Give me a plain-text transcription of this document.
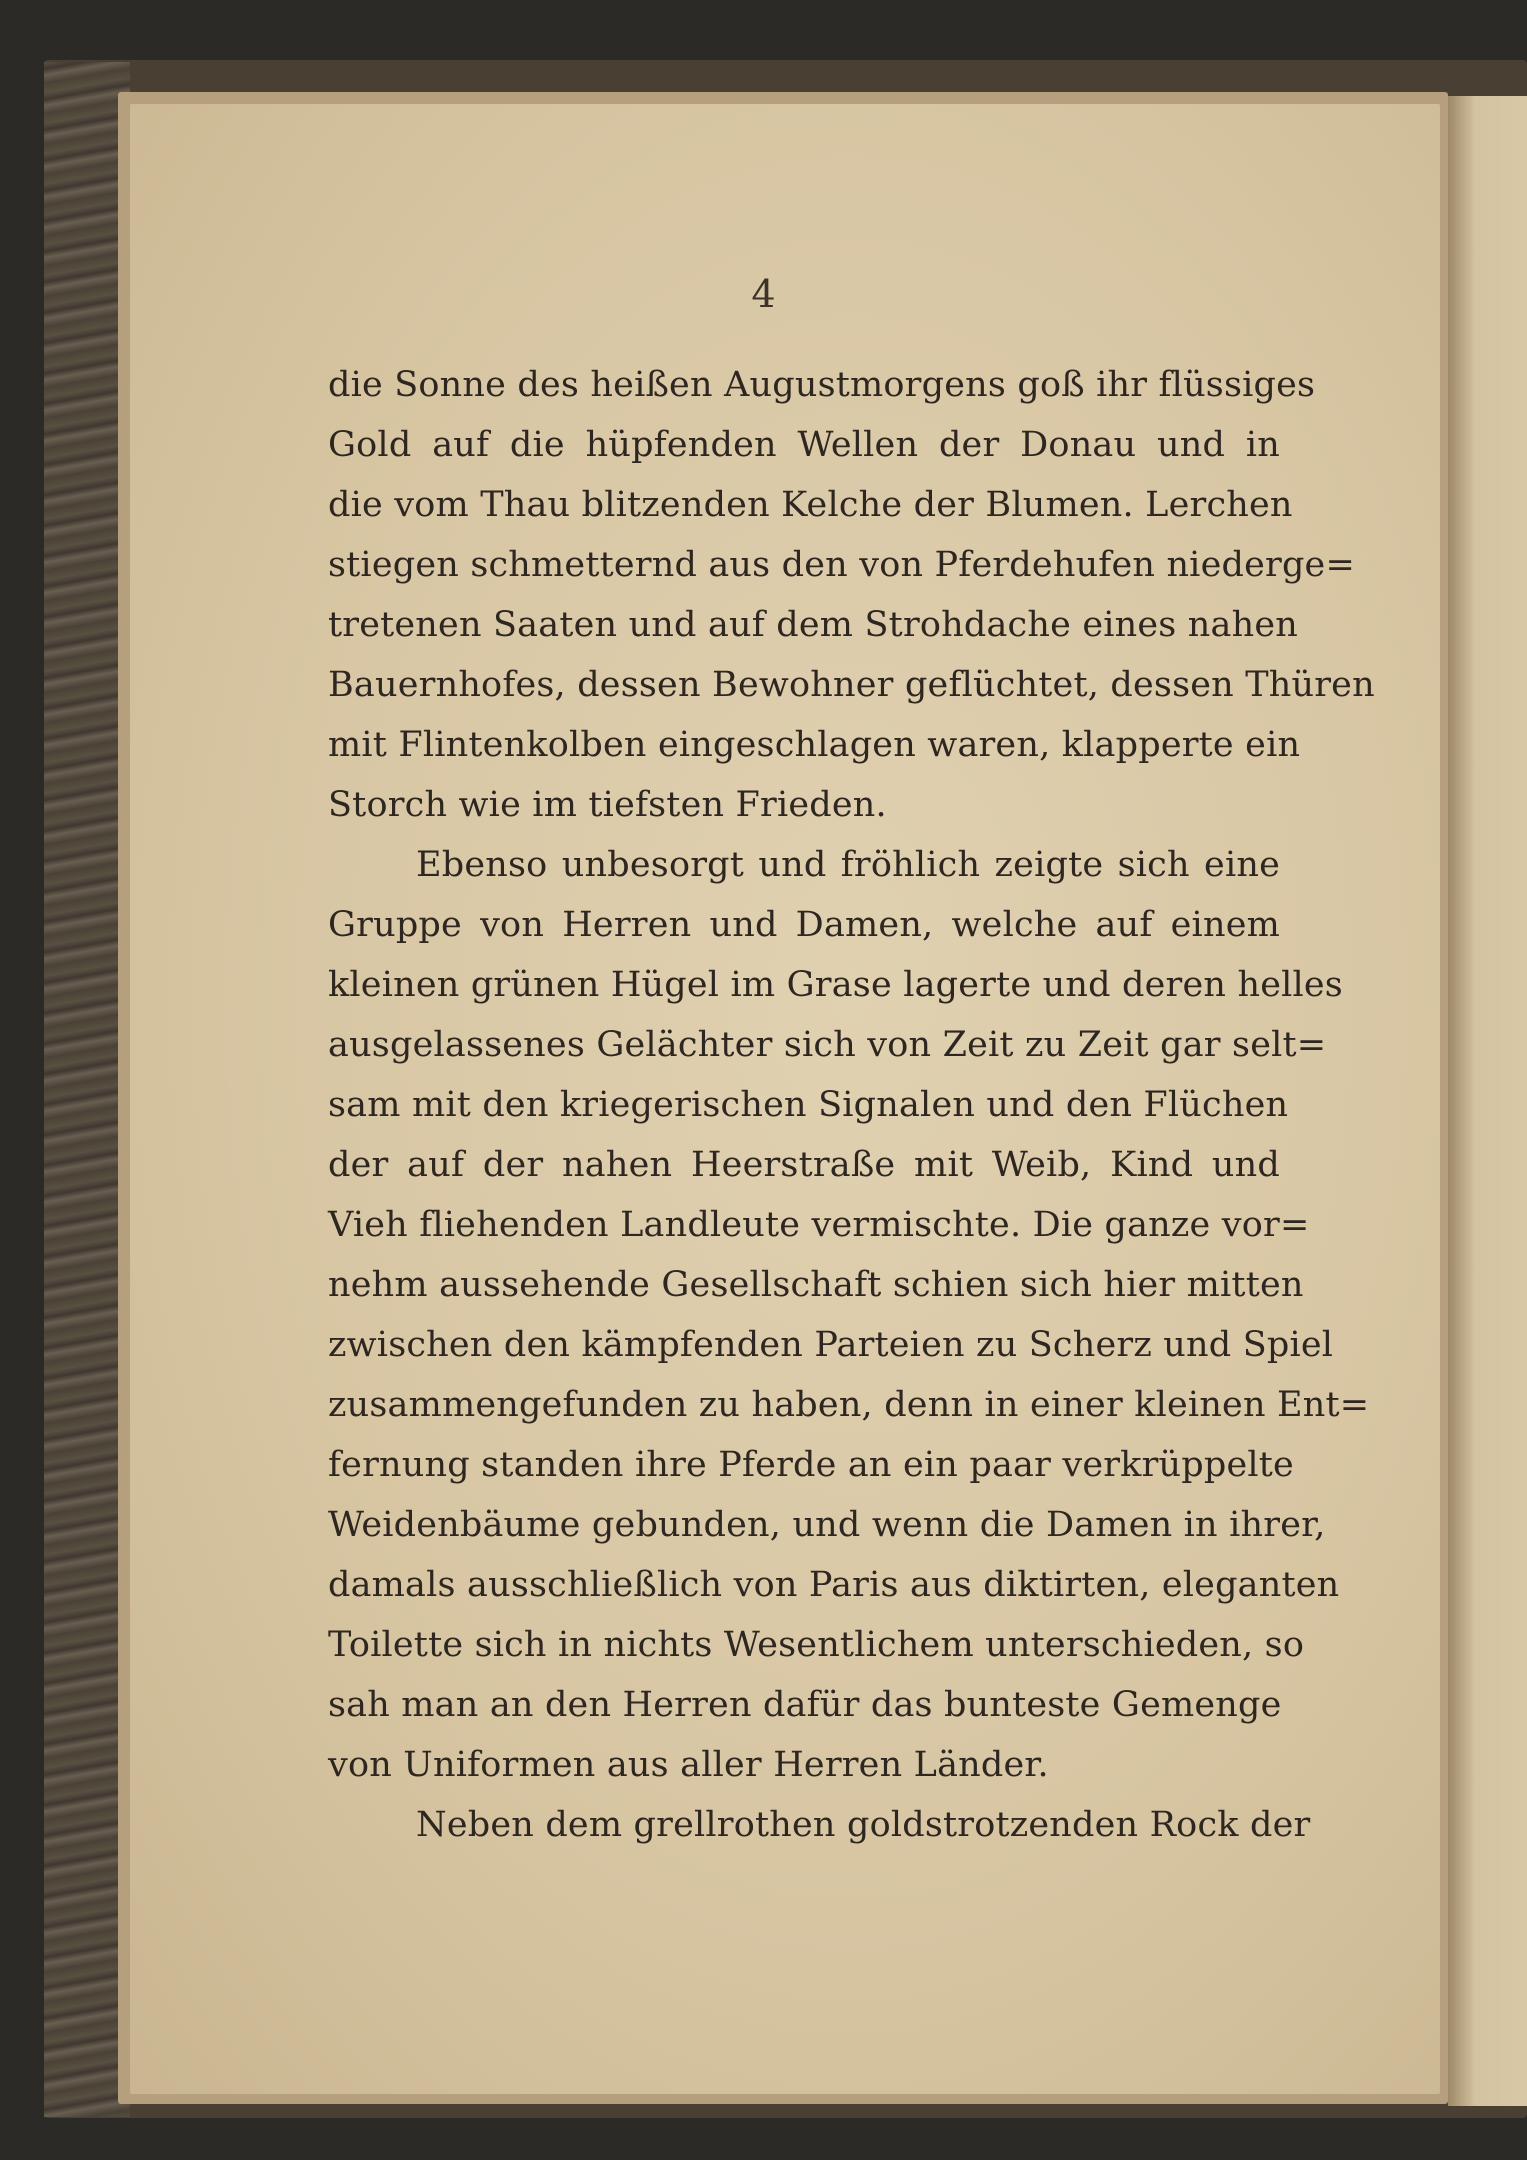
4
die Sonne des heißen Augustmorgens goß ihr flüssiges
Gold auf die hüpfenden Wellen der Donau und in
die vom Thau blitzenden Kelche der Blumen. Lerchen
stiegen schmetternd aus den von Pferdehufen niederge=
tretenen Saaten und auf dem Strohdache eines nahen
Bauernhofes, dessen Bewohner geflüchtet, dessen Thüren
mit Flintenkolben eingeschlagen waren, klapperte ein
Storch wie im tiefsten Frieden.
Ebenso unbesorgt und fröhlich zeigte sich eine
Gruppe von Herren und Damen, welche auf einem
kleinen grünen Hügel im Grase lagerte und deren helles
ausgelassenes Gelächter sich von Zeit zu Zeit gar selt=
sam mit den kriegerischen Signalen und den Flüchen
der auf der nahen Heerstraße mit Weib, Kind und
Vieh fliehenden Landleute vermischte. Die ganze vor=
nehm aussehende Gesellschaft schien sich hier mitten
zwischen den kämpfenden Parteien zu Scherz und Spiel
zusammengefunden zu haben, denn in einer kleinen Ent=
fernung standen ihre Pferde an ein paar verkrüppelte
Weidenbäume gebunden, und wenn die Damen in ihrer,
damals ausschließlich von Paris aus diktirten, eleganten
Toilette sich in nichts Wesentlichem unterschieden, so
sah man an den Herren dafür das bunteste Gemenge
von Uniformen aus aller Herren Länder.
Neben dem grellrothen goldstrotzenden Rock der
